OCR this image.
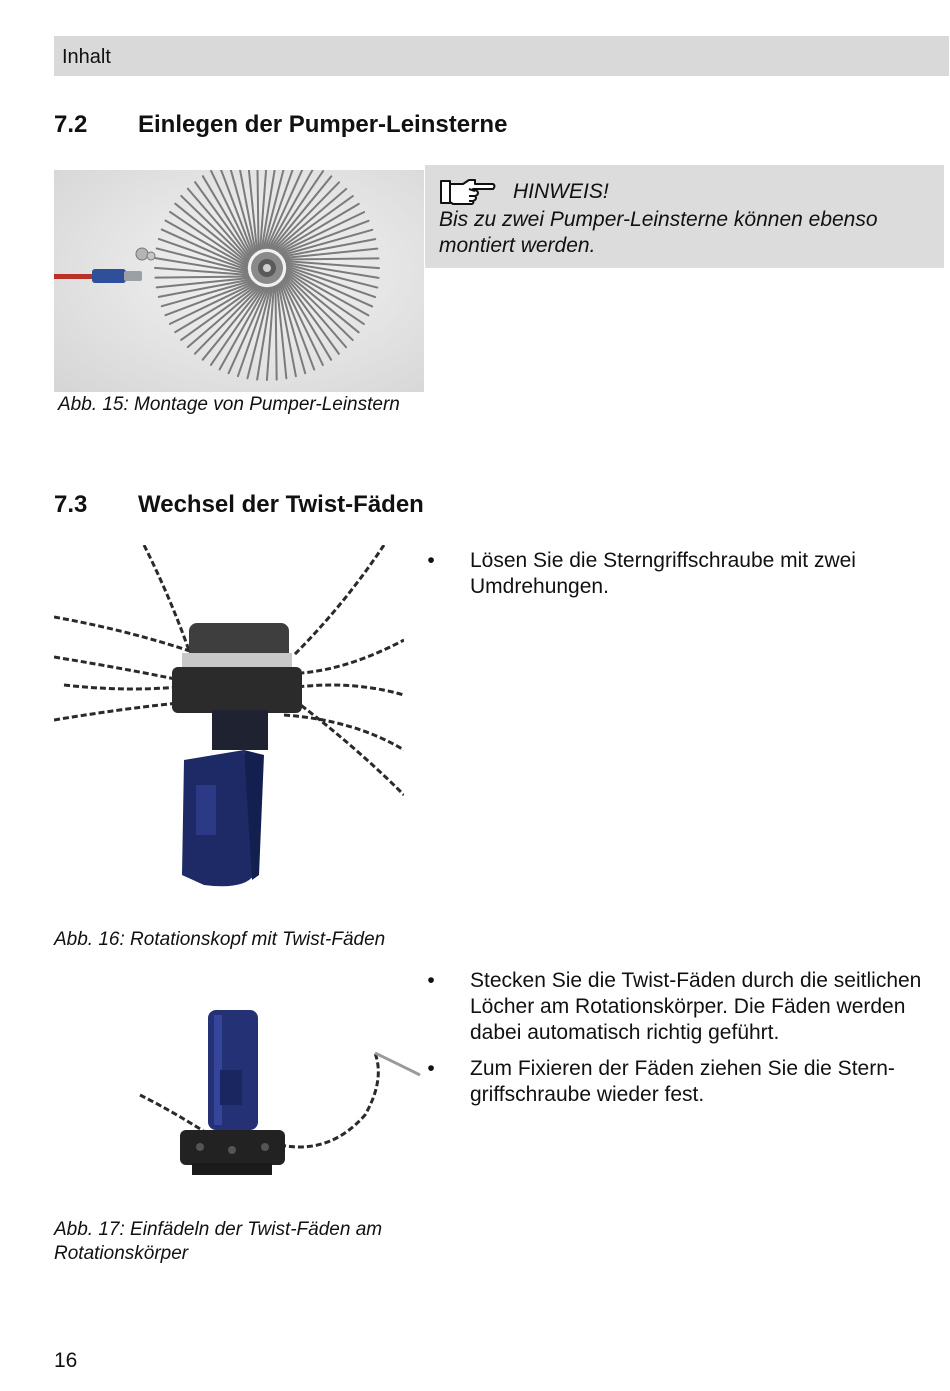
Inhalt
7.2 Einlegen der Pumper-Leinsterne
Abb. 15: Montage von Pumper-Leinstern
HINWEIS!
Bis zu zwei Pumper-Leinsterne können ebenso montiert werden.
7.3 Wechsel der Twist-Fäden
Abb. 16: Rotationskopf mit Twist-Fäden
• Lösen Sie die Sterngriffschraube mit zwei Umdrehungen.
Abb. 17: Einfädeln der Twist-Fäden am Rotationskörper
• Stecken Sie die Twist-Fäden durch die seitlichen Löcher am Rotationskörper. Die Fäden werden dabei automatisch richtig geführt.
• Zum Fixieren der Fäden ziehen Sie die Sterngriffschraube wieder fest.
16
